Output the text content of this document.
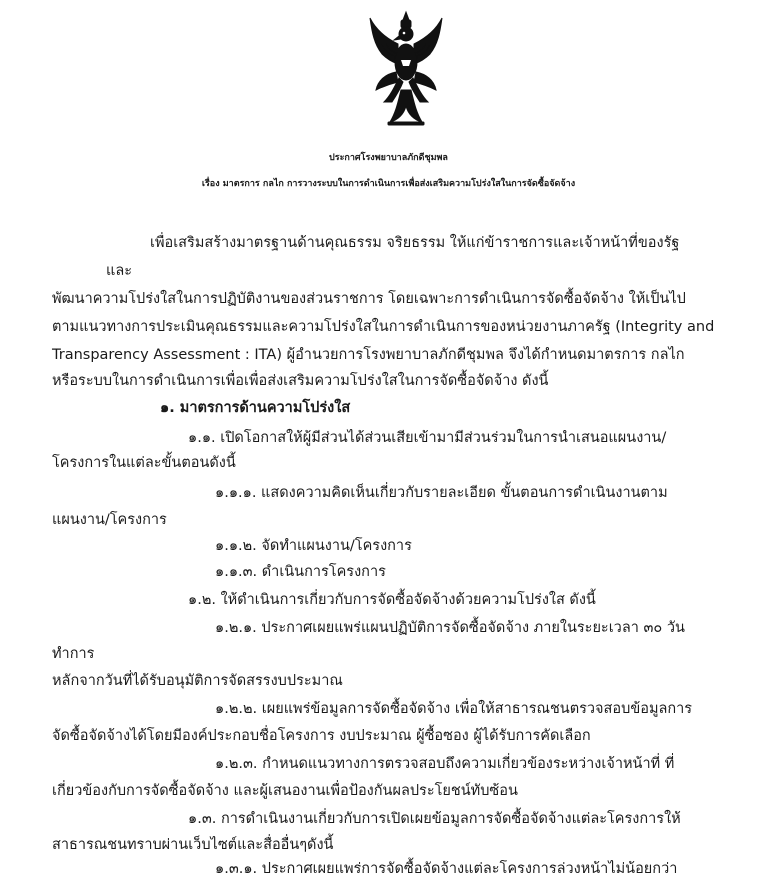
ประกาศโรงพยาบาลภักดีชุมพล
เรื่อง มาตรการ กลไก การวางระบบในการดำเนินการเพื่อส่งเสริมความโปร่งใสในการจัดซื้อจัดจ้าง
เพื่อเสริมสร้างมาตรฐานด้านคุณธรรม จริยธรรม ให้แก่ข้าราชการและเจ้าหน้าที่ของรัฐ
และ
พัฒนาความโปร่งใสในการปฏิบัติงานของส่วนราชการ โดยเฉพาะการดำเนินการจัดซื้อจัดจ้าง ให้เป็นไป
ตามแนวทางการประเมินคุณธรรมและความโปร่งใสในการดำเนินการของหน่วยงานภาครัฐ (Integrity and
Transparency Assessment : ITA) ผู้อำนวยการโรงพยาบาลภักดีชุมพล จึงได้กำหนดมาตรการ กลไก
หรือระบบในการดำเนินการเพื่อเพื่อส่งเสริมความโปร่งใสในการจัดซื้อจัดจ้าง ดังนี้
๑. มาตรการด้านความโปร่งใส
๑.๑. เปิดโอกาสให้ผู้มีส่วนได้ส่วนเสียเข้ามามีส่วนร่วมในการนำเสนอแผนงาน/
โครงการในแต่ละขั้นตอนดังนี้
๑.๑.๑. แสดงความคิดเห็นเกี่ยวกับรายละเอียด ขั้นตอนการดำเนินงานตาม
แผนงาน/โครงการ
๑.๑.๒. จัดทำแผนงาน/โครงการ
๑.๑.๓. ดำเนินการโครงการ
๑.๒. ให้ดำเนินการเกี่ยวกับการจัดซื้อจัดจ้างด้วยความโปร่งใส ดังนี้
๑.๒.๑. ประกาศเผยแพร่แผนปฏิบัติการจัดซื้อจัดจ้าง ภายในระยะเวลา ๓๐ วัน
ทำการ
หลักจากวันที่ได้รับอนุมัติการจัดสรรงบประมาณ
๑.๒.๒. เผยแพร่ข้อมูลการจัดซื้อจัดจ้าง เพื่อให้สาธารณชนตรวจสอบข้อมูลการ
จัดซื้อจัดจ้างได้โดยมีองค์ประกอบชื่อโครงการ งบประมาณ ผู้ซื้อซอง ผู้ได้รับการคัดเลือก
๑.๒.๓. กำหนดแนวทางการตรวจสอบถึงความเกี่ยวข้องระหว่างเจ้าหน้าที่ ที่
เกี่ยวข้องกับการจัดซื้อจัดจ้าง และผู้เสนองานเพื่อป้องกันผลประโยชน์ทับซ้อน
๑.๓. การดำเนินงานเกี่ยวกับการเปิดเผยข้อมูลการจัดซื้อจัดจ้างแต่ละโครงการให้
สาธารณชนทราบผ่านเว็บไซต์และสื่ออื่นๆดังนี้
๑.๓.๑. ประกาศเผยแพร่การจัดซื้อจัดจ้างแต่ละโครงการล่วงหน้าไม่น้อยกว่า
